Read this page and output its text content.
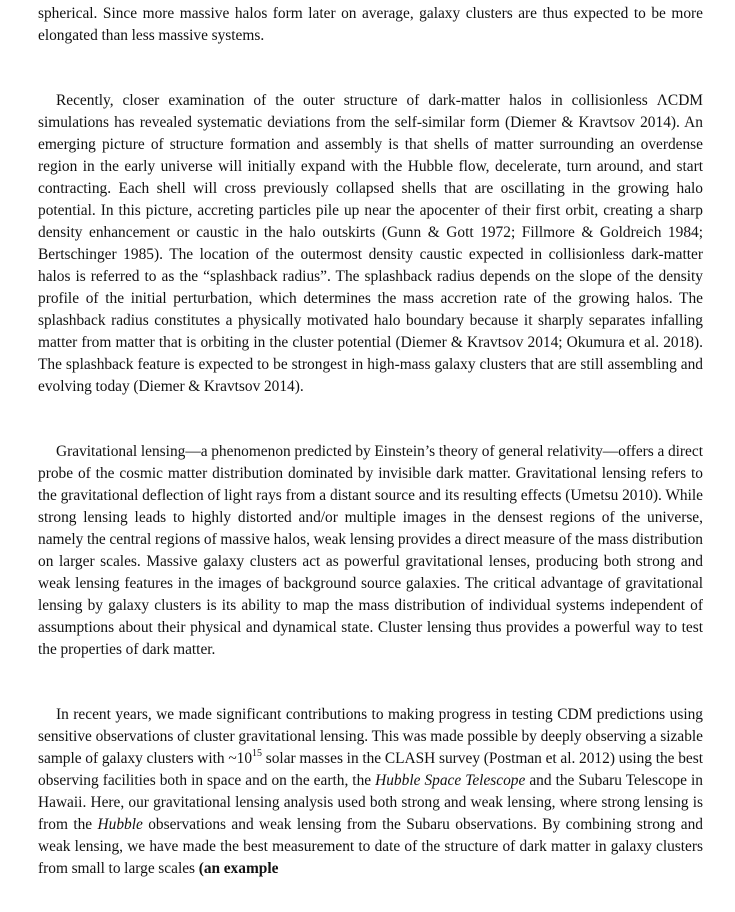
spherical. Since more massive halos form later on average, galaxy clusters are thus expected to be more elongated than less massive systems.

Recently, closer examination of the outer structure of dark-matter halos in collisionless ΛCDM simulations has revealed systematic deviations from the self-similar form (Diemer & Kravtsov 2014). An emerging picture of structure formation and assembly is that shells of matter surrounding an overdense region in the early universe will initially expand with the Hubble flow, decelerate, turn around, and start contracting. Each shell will cross previously collapsed shells that are oscillating in the growing halo potential. In this picture, accreting particles pile up near the apocenter of their first orbit, creating a sharp density enhancement or caustic in the halo outskirts (Gunn & Gott 1972; Fillmore & Goldreich 1984; Bertschinger 1985). The location of the outermost density caustic expected in collisionless dark-matter halos is referred to as the “splashback radius”. The splashback radius depends on the slope of the density profile of the initial perturbation, which determines the mass accretion rate of the growing halos. The splashback radius constitutes a physically motivated halo boundary because it sharply separates infalling matter from matter that is orbiting in the cluster potential (Diemer & Kravtsov 2014; Okumura et al. 2018). The splashback feature is expected to be strongest in high-mass galaxy clusters that are still assembling and evolving today (Diemer & Kravtsov 2014).

Gravitational lensing—a phenomenon predicted by Einstein’s theory of general relativity—offers a direct probe of the cosmic matter distribution dominated by invisible dark matter. Gravitational lensing refers to the gravitational deflection of light rays from a distant source and its resulting effects (Umetsu 2010). While strong lensing leads to highly distorted and/or multiple images in the densest regions of the universe, namely the central regions of massive halos, weak lensing provides a direct measure of the mass distribution on larger scales. Massive galaxy clusters act as powerful gravitational lenses, producing both strong and weak lensing features in the images of background source galaxies. The critical advantage of gravitational lensing by galaxy clusters is its ability to map the mass distribution of individual systems independent of assumptions about their physical and dynamical state. Cluster lensing thus provides a powerful way to test the properties of dark matter.

In recent years, we made significant contributions to making progress in testing CDM predictions using sensitive observations of cluster gravitational lensing. This was made possible by deeply observing a sizable sample of galaxy clusters with $\sim 10^{15}$ solar masses in the CLASH survey (Postman et al. 2012) using the best observing facilities both in space and on the earth, the Hubble Space Telescope and the Subaru Telescope in Hawaii. Here, our gravitational lensing analysis used both strong and weak lensing, where strong lensing is from the Hubble observations and weak lensing from the Subaru observations. By combining strong and weak lensing, we have made the best measurement to date of the structure of dark matter in galaxy clusters from small to large scales (an example
